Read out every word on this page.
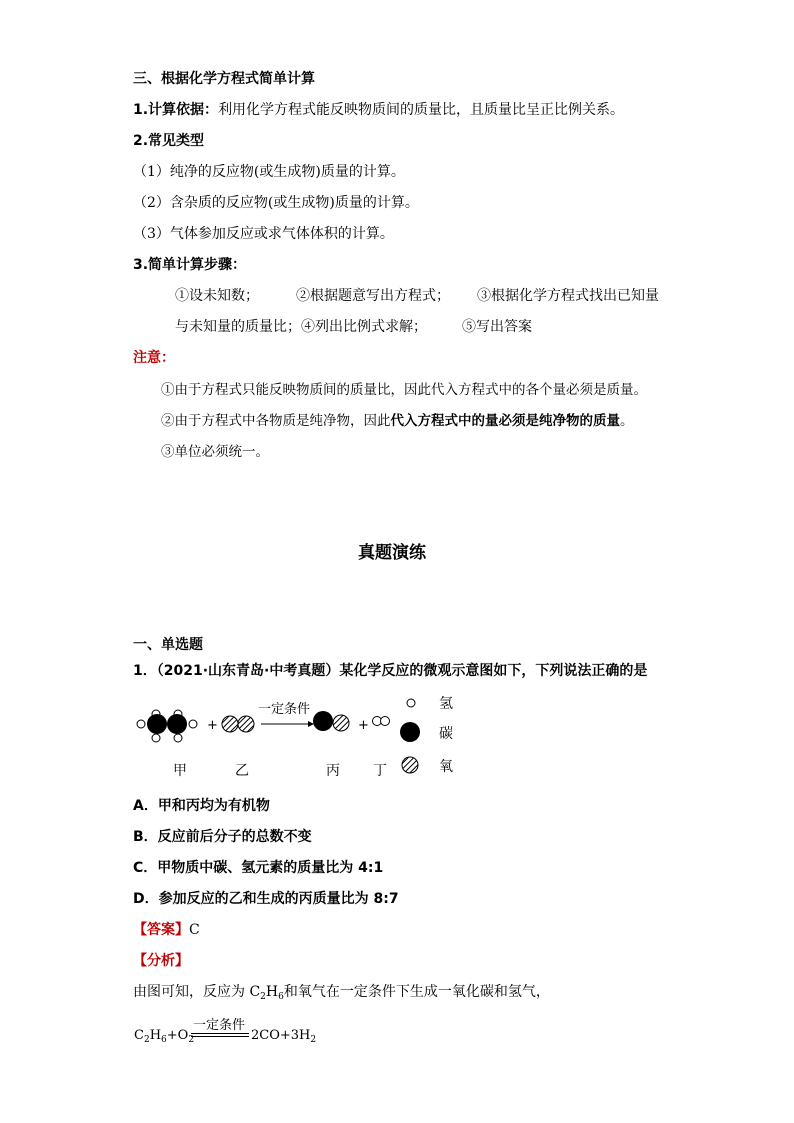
三、根据化学方程式简单计算
1.计算依据：利用化学方程式能反映物质间的质量比，且质量比呈正比例关系。
2.常见类型
（1）纯净的反应物(或生成物)质量的计算。
（2）含杂质的反应物(或生成物)质量的计算。
（3）气体参加反应或求气体体积的计算。
3.简单计算步骤：
①设未知数；	②根据题意写出方程式； ③根据化学方程式找出已知量
与未知量的质量比；④列出比例式求解；	⑤写出答案
注意：
①由于方程式只能反映物质间的质量比，因此代入方程式中的各个量必须是质量。
②由于方程式中各物质是纯净物，因此代入方程式中的量必须是纯净物的质量。
③单位必须统一。
真题演练
一、单选题
1．（2021·山东青岛·中考真题）某化学反应的微观示意图如下，下列说法正确的是
+
一定条件
+
氢
碳
氧
甲	乙	丙 丁
A．甲和丙均为有机物
B．反应前后分子的总数不变
C．甲物质中碳、氢元素的质量比为 4:1
D．参加反应的乙和生成的丙质量比为 8:7
【答案】C
【分析】
由图可知，反应为 $C_2H_6$和氧气在一定条件下生成一氧化碳和氢气，
$C_2H_6+O_2$
一定条件
$2CO+3H_2$
